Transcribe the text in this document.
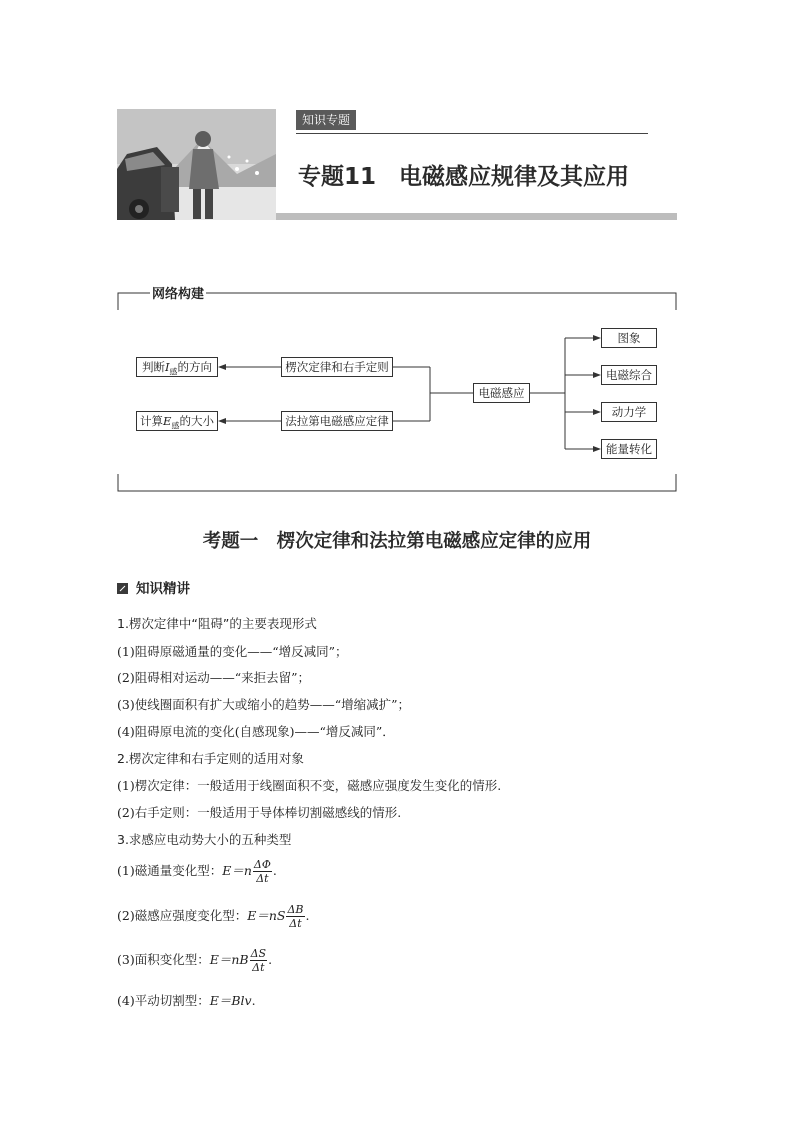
知识专题
专题11　电磁感应规律及其应用
网络构建
判断$I_感$的方向
计算$E_感$的大小
楞次定律和右手定则
法拉第电磁感应定律
电磁感应
图象
电磁综合
动力学
能量转化
考题一　楞次定律和法拉第电磁感应定律的应用
知识精讲
1.楞次定律中“阻碍”的主要表现形式
(1)阻碍原磁通量的变化——“增反减同”；
(2)阻碍相对运动——“来拒去留”；
(3)使线圈面积有扩大或缩小的趋势——“增缩减扩”；
(4)阻碍原电流的变化(自感现象)——“增反减同”．
2.楞次定律和右手定则的适用对象
(1)楞次定律：一般适用于线圈面积不变，磁感应强度发生变化的情形.
(2)右手定则：一般适用于导体棒切割磁感线的情形.
3.求感应电动势大小的五种类型
(1)磁通量变化型：$E=n \frac{\Delta\Phi}{\Delta t}$ .
(2)磁感应强度变化型：$E=nS \frac{\Delta B}{\Delta t}$ .
(3)面积变化型：$E=nB \frac{\Delta S}{\Delta t}$ .
(4)平动切割型：E＝Blv.
